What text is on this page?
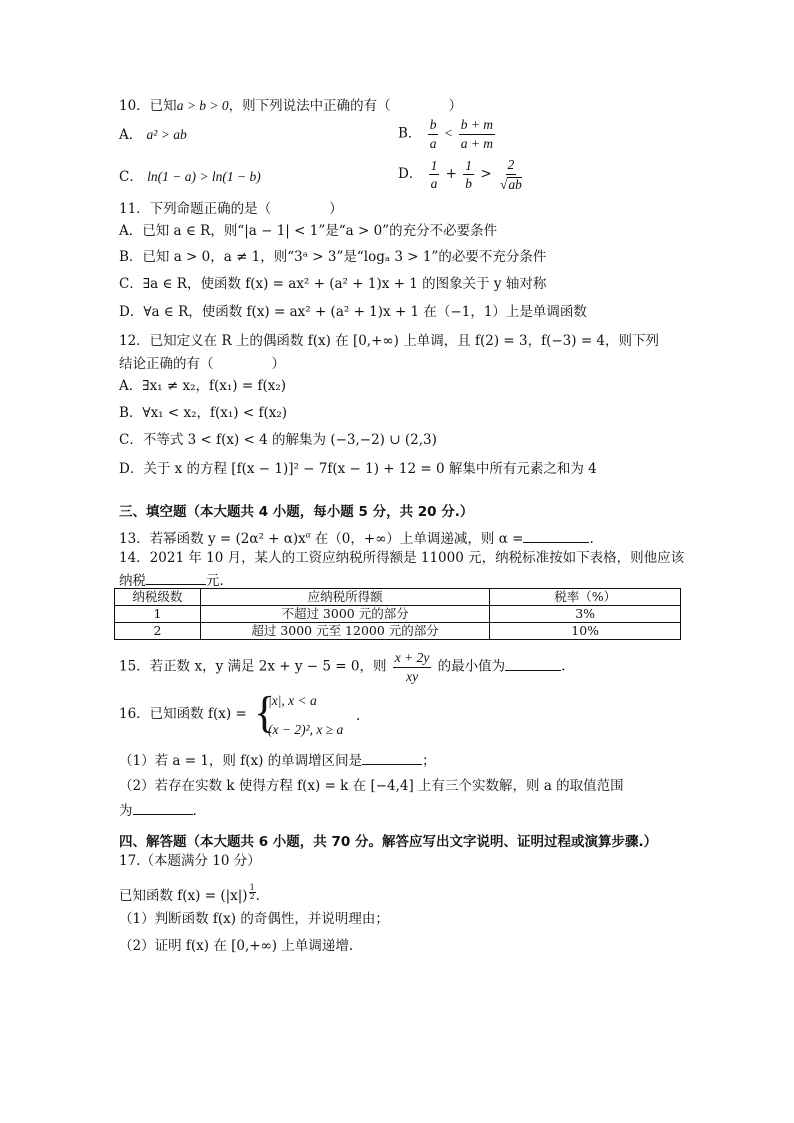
10．已知a > b > 0，则下列说法中正确的有（	）
A． a² > ab	B． $\frac{b}{a} < \frac{b + m}{a + m}$
C． ln(1 − a) > ln(1 − b)	D． $\frac{1}{a} + \frac{1}{b} > \frac{2}{√ab}$
11．下列命题正确的是（	）
A．已知 a ∈ R，则“|a − 1| < 1”是“a > 0”的充分不必要条件
B．已知 a > 0，a ≠ 1，则“3ᵃ > 3”是“logₐ 3 > 1”的必要不充分条件
C．∃a ∈ R，使函数 f(x) = ax² + (a² + 1)x + 1 的图象关于 y 轴对称
D．∀a ∈ R，使函数 f(x) = ax² + (a² + 1)x + 1 在（−1，1）上是单调函数
12．已知定义在 R 上的偶函数 f(x) 在 [0,+∞) 上单调，且 f(2) = 3，f(−3) = 4，则下列
结论正确的有（	）
A．∃x₁ ≠ x₂，f(x₁) = f(x₂)
B．∀x₁ < x₂，f(x₁) < f(x₂)
C．不等式 3 < f(x) < 4 的解集为 (−3,−2) ∪ (2,3)
D．关于 x 的方程 [f(x − 1)]² − 7f(x − 1) + 12 = 0 解集中所有元素之和为 4
三、填空题（本大题共 4 小题，每小题 5 分，共 20 分.）
13．若幂函数 $y = (2\alpha^2 + \alpha)x^\alpha$ 在（0，+∞）上单调递减，则 α =	.
14．2021 年 10 月，某人的工资应纳税所得额是 11000 元，纳税标准按如下表格，则他应该
纳税	元．
纳税级数	应纳税所得额	税率（%）
1	不超过 3000 元的部分	3%
2	超过 3000 元至 12000 元的部分	10%
15．若正数 x，y 满足 2x + y − 5 = 0，则 $\frac{x + 2y}{xy}$ 的最小值为	.
16．已知函数 f(x) = {
|x|, x < a
(x − 2)², x ≥ a
.
（1）若 a = 1，则 f(x) 的单调增区间是	；
（2）若存在实数 k 使得方程 f(x) = k 在 [−4,4] 上有三个实数解，则 a 的取值范围
为	.
四、解答题（本大题共 6 小题，共 70 分。解答应写出文字说明、证明过程或演算步骤.）
17.（本题满分 10 分）
已知函数 $f(x) = (|x|) \frac{1}{2}$ .
（1）判断函数 f(x) 的奇偶性，并说明理由；
（2）证明 f(x) 在 [0,+∞) 上单调递增.
